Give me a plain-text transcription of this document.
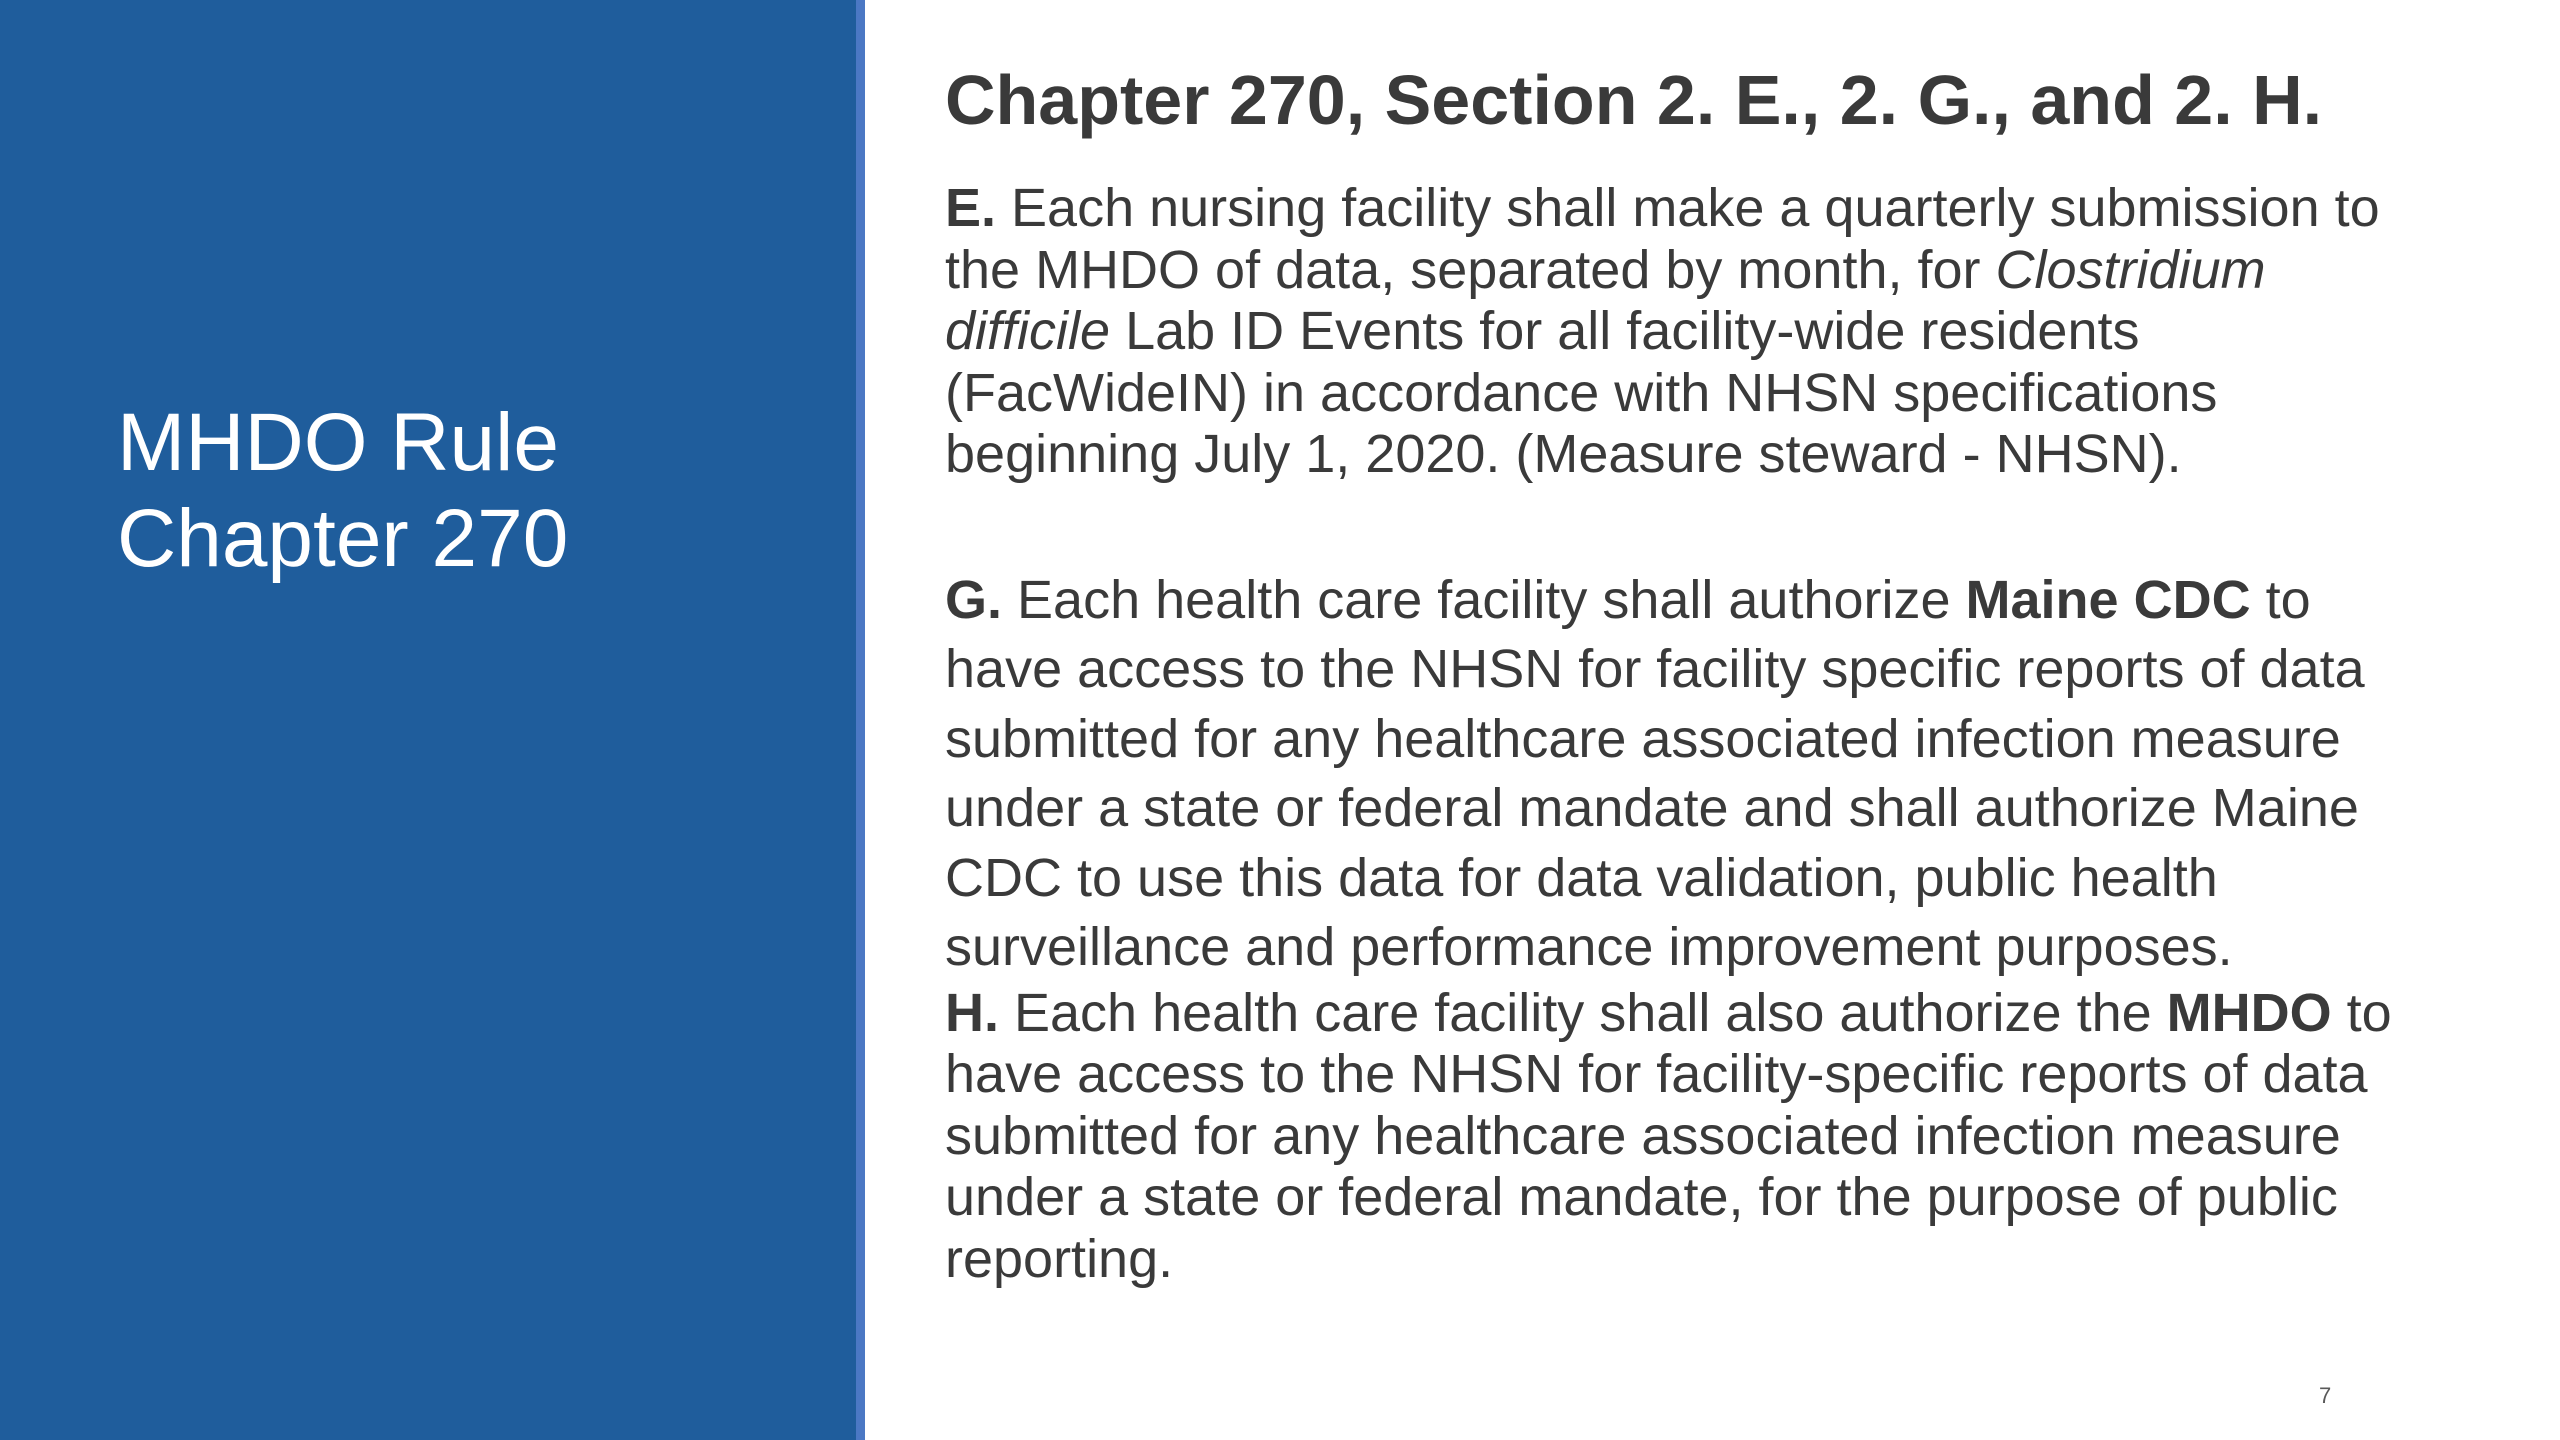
MHDO Rule
Chapter 270
Chapter 270, Section 2. E., 2. G., and 2. H.

E. Each nursing facility shall make a quarterly submission to
the MHDO of data, separated by month, for Clostridium
difficile Lab ID Events for all facility-wide residents
(FacWideIN) in accordance with NHSN specifications
beginning July 1, 2020. (Measure steward - NHSN).

G. Each health care facility shall authorize Maine CDC to
have access to the NHSN for facility specific reports of data
submitted for any healthcare associated infection measure
under a state or federal mandate and shall authorize Maine
CDC to use this data for data validation, public health
surveillance and performance improvement purposes.

H. Each health care facility shall also authorize the MHDO to
have access to the NHSN for facility-specific reports of data
submitted for any healthcare associated infection measure
under a state or federal mandate, for the purpose of public
reporting.

7
